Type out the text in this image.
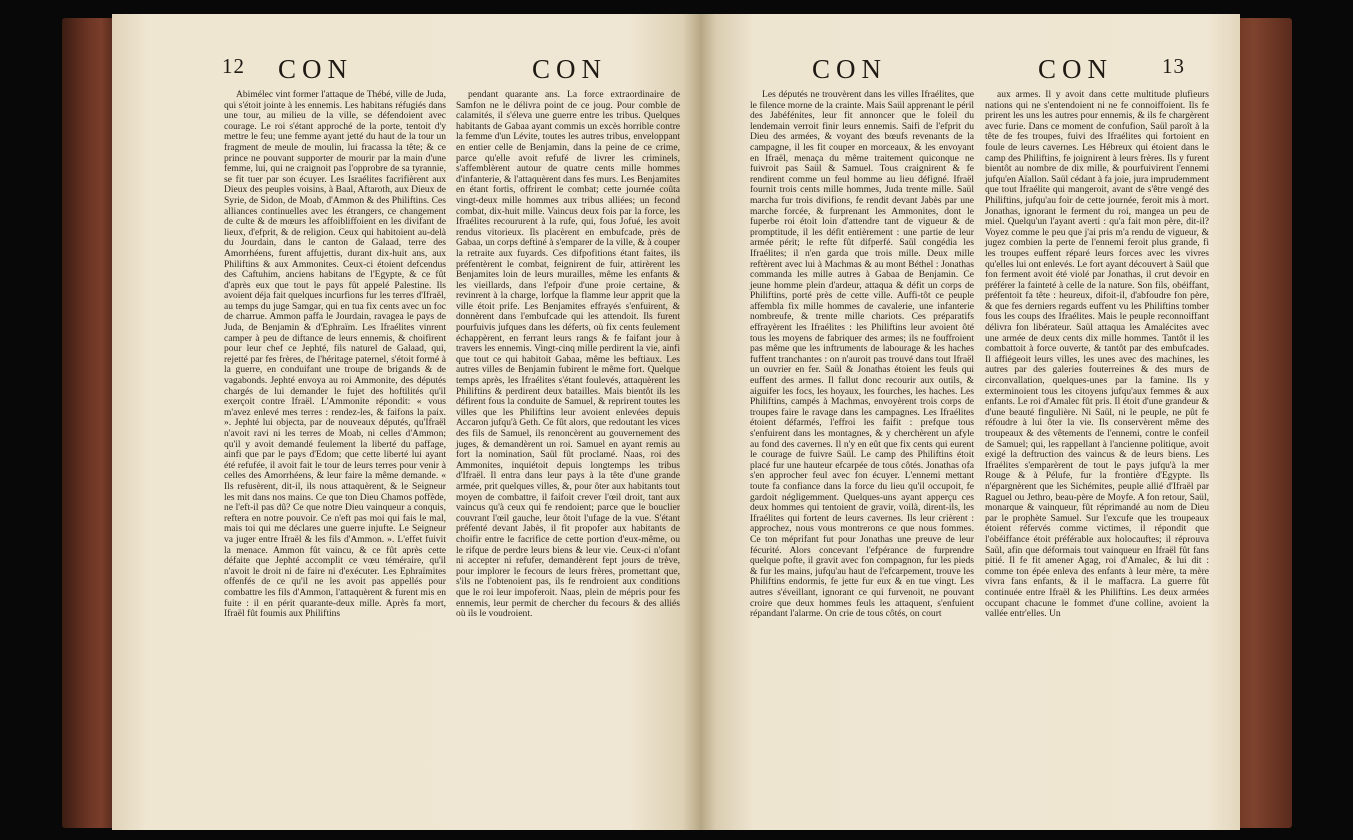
12 CON	CON

Abimélec vint former l'attaque de Thébé, ville de Juda, qui s'étoit jointe à les ennemis. Les habitans réfugiés dans une tour, au milieu de la ville, se défendoient avec courage. Le roi s'étant approché de la porte, tentoit d'y mettre le feu; une femme ayant jetté du haut de la tour un fragment de meule de moulin, lui fracassa la tête; & ce prince ne pouvant supporter de mourir par la main d'une femme, lui, qui ne craignoit pas l'opprobre de sa tyrannie, se fit tuer par son écuyer. Les Israélites facrifièrent aux Dieux des peuples voisins, à Baal, Aftaroth, aux Dieux de Syrie, de Sidon, de Moab, d'Ammon & des Philiftins. Ces alliances continuelles avec les étrangers, ce changement de culte & de mœurs les affoibliffoient en les divifant de lieux, d'efprit, & de religion. Ceux qui habitoient au-delà du Jourdain, dans le canton de Galaad, terre des Amorrhéens, furent affujettis, durant dix-huit ans, aux Philiftins & aux Ammonites. Ceux-ci étoient defcendus des Caftuhim, anciens habitans de l'Egypte, & ce fût d'après eux que tout le pays fût appelé Palestine. Ils avoient déja fait quelques incurfions fur les terres d'Ifraël, au temps du juge Samgar, qui en tua fix cents avec un foc de charrue. Ammon paffa le Jourdain, ravagea le pays de Juda, de Benjamin & d'Ephraïm. Les Ifraélites vinrent camper à peu de diftance de leurs ennemis, & choifirent pour leur chef ce Jephté, fils naturel de Galaad, qui, rejetté par fes frères, de l'héritage paternel, s'étoit formé à la guerre, en conduifant une troupe de brigands & de vagabonds. Jephté envoya au roi Ammonite, des députés chargés de lui demander le fujet des hoftilités qu'il exerçoit contre Ifraël. L'Ammonite répondit: « vous m'avez enlevé mes terres : rendez-les, & faifons la paix. ». Jephté lui objecta, par de nouveaux députés, qu'Ifraël n'avoit ravi ni les terres de Moab, ni celles d'Ammon; qu'il y avoit demandé feulement la liberté du paffage, ainfi que par le pays d'Edom; que cette liberté lui ayant été refufée, il avoit fait le tour de leurs terres pour venir à celles des Amorrhéens, & leur faire la même demande. « Ils refusèrent, dit-il, ils nous attaquèrent, & le Seigneur les mit dans nos mains. Ce que ton Dieu Chamos poffède, ne l'eft-il pas dû? Ce que notre Dieu vainqueur a conquis, reftera en notre pouvoir. Ce n'eft pas moi qui fais le mal, mais toi qui me déclares une guerre injufte. Le Seigneur va juger entre Ifraël & les fils d'Ammon. ». L'effet fuivit la menace. Ammon fût vaincu, & ce fût après cette défaite que Jephté accomplit ce vœu téméraire, qu'il n'avoit le droit ni de faire ni d'exécuter. Les Ephraïmites offenfés de ce qu'il ne les avoit pas appellés pour combattre les fils d'Ammon, l'attaquèrent & furent mis en fuite : il en périt quarante-deux mille. Après fa mort, Ifraël fût foumis aux Philiftins

pendant quarante ans. La force extraordinaire de Samfon ne le délivra point de ce joug. Pour comble de calamités, il s'éleva une guerre entre les tribus. Quelques habitants de Gabaa ayant commis un excès horrible contre la femme d'un Lévite, toutes les autres tribus, enveloppant en entier celle de Benjamin, dans la peine de ce crime, parce qu'elle avoit refufé de livrer les criminels, s'affemblèrent autour de quatre cents mille hommes d'infanterie, & l'attaquèrent dans fes murs. Les Benjamites en étant fortis, offrirent le combat; cette journée coûta vingt-deux mille hommes aux tribus alliées; un fecond combat, dix-huit mille. Vaincus deux fois par la force, les Ifraélites recoururent à la rufe, qui, fous Jofué, les avoit rendus vitorieux. Ils placèrent en embufcade, près de Gabaa, un corps deftiné à s'emparer de la ville, & à couper la retraite aux fuyards. Ces difpofitions étant faites, ils préfentèrent le combat, feignirent de fuir, attirèrent les Benjamites loin de leurs murailles, même les enfants & les vieillards, dans l'efpoir d'une proie certaine, & revinrent à la charge, lorfque la flamme leur apprit que la ville étoit prife. Les Benjamites effrayés s'enfuirent, & donnèrent dans l'embufcade qui les attendoit. Ils furent pourfuivis jufques dans les déferts, où fix cents feulement échappèrent, en ferrant leurs rangs & fe faifant jour à travers les ennemis. Vingt-cinq mille perdirent la vie, ainfi que tout ce qui habitoit Gabaa, même les beftiaux. Les autres villes de Benjamin fubirent le même fort. Quelque temps après, les Ifraélites s'étant foulevés, attaquèrent les Philiftins & perdirent deux batailles. Mais bientôt ils les défirent fous la conduite de Samuel, & reprirent toutes les villes que les Philiftins leur avoient enlevées depuis Accaron jufqu'à Geth. Ce fût alors, que redoutant les vices des fils de Samuel, ils renoncèrent au gouvernement des juges, & demandèrent un roi. Samuel en ayant remis au fort la nomination, Saül fût proclamé. Naas, roi des Ammonites, inquiétoit depuis longtemps les tribus d'Ifraël. Il entra dans leur pays à la tête d'une grande armée, prit quelques villes, &, pour ôter aux habitants tout moyen de combattre, il faifoit crever l'œil droit, tant aux vaincus qu'à ceux qui fe rendoient; parce que le bouclier couvrant l'œil gauche, leur ôtoit l'ufage de la vue. S'étant préfenté devant Jabès, il fit propofer aux habitants de choifir entre le facrifice de cette portion d'eux-même, ou le rifque de perdre leurs biens & leur vie. Ceux-ci n'ofant ni accepter ni refufer, demandèrent fept jours de trève, pour implorer le fecours de leurs frères, promettant que, s'ils ne l'obtenoient pas, ils fe rendroient aux conditions que le roi leur impoferoit. Naas, plein de mépris pour fes ennemis, leur permit de chercher du fecours & des alliés où ils le voudroient.

CON	CON 13

Les députés ne trouvèrent dans les villes Ifraélites, que le filence morne de la crainte. Mais Saül apprenant le péril des Jabéfénites, leur fit annoncer que le foleil du lendemain verroit finir leurs ennemis. Saifi de l'efprit du Dieu des armées, & voyant des bœufs revenants de la campagne, il les fit couper en morceaux, & les envoyant en Ifraël, menaça du même traitement quiconque ne fuivroit pas Saül & Samuel. Tous craignirent & fe rendirent comme un feul homme au lieu défigné. Ifraël fournit trois cents mille hommes, Juda trente mille. Saül marcha fur trois divifions, fe rendit devant Jabès par une marche forcée, & furprenant les Ammonites, dont le fuperbe roi étoit loin d'attendre tant de vigueur & de promptitude, il les défit entièrement : une partie de leur armée périt; le refte fût difperfé. Saül congédia les Ifraélites; il n'en garda que trois mille. Deux mille reftèrent avec lui à Machmas & au mont Béthel : Jonathas commanda les mille autres à Gabaa de Benjamin. Ce jeune homme plein d'ardeur, attaqua & défit un corps de Philiftins, porté près de cette ville. Auffi-tôt ce peuple affembla fix mille hommes de cavalerie, une infanterie nombreufe, & trente mille chariots. Ces préparatifs effrayèrent les Ifraélites : les Philiftins leur avoient ôté tous les moyens de fabriquer des armes; ils ne fouffroient pas même que les inftruments de labourage & les haches fuffent tranchantes : on n'auroit pas trouvé dans tout Ifraël un ouvrier en fer. Saül & Jonathas étoient les feuls qui euffent des armes. Il fallut donc recourir aux outils, & aiguifer les focs, les hoyaux, les fourches, les haches. Les Philiftins, campés à Machmas, envoyèrent trois corps de troupes faire le ravage dans les campagnes. Les Ifraélites étoient défarmés, l'effroi les faifit : prefque tous s'enfuirent dans les montagnes, & y cherchèrent un afyle au fond des cavernes. Il n'y en eût que fix cents qui eurent le courage de fuivre Saül. Le camp des Philiftins étoit placé fur une hauteur efcarpée de tous côtés. Jonathas ofa s'en approcher feul avec fon écuyer. L'ennemi mettant toute fa confiance dans la force du lieu qu'il occupoit, fe gardoit négligemment. Quelques-uns ayant apperçu ces deux hommes qui tentoient de gravir, voilà, dirent-ils, les Ifraélites qui fortent de leurs cavernes. Ils leur crièrent : approchez, nous vous montrerons ce que nous fommes. Ce ton méprifant fut pour Jonathas une preuve de leur fécurité. Alors concevant l'efpérance de furprendre quelque pofte, il gravit avec fon compagnon, fur les pieds & fur les mains, jufqu'au haut de l'efcarpement, trouve les Philiftins endormis, fe jette fur eux & en tue vingt. Les autres s'éveillant, ignorant ce qui furvenoit, ne pouvant croire que deux hommes feuls les attaquent, s'enfuient répandant l'alarme. On crie de tous côtés, on court

aux armes. Il y avoit dans cette multitude plufieurs nations qui ne s'entendoient ni ne fe connoiffoient. Ils fe prirent les uns les autres pour ennemis, & ils fe chargèrent avec furie. Dans ce moment de confufion, Saül paroît à la tête de fes troupes, fuivi des Ifraélites qui fortoient en foule de leurs cavernes. Les Hébreux qui étoient dans le camp des Philiftins, fe joignirent à leurs frères. Ils y furent bientôt au nombre de dix mille, & pourfuivirent l'ennemi jufqu'en Aïallon. Saül cédant à fa joie, jura imprudemment que tout Ifraélite qui mangeroit, avant de s'être vengé des Philiftins, jufqu'au foir de cette journée, feroit mis à mort. Jonathas, ignorant le ferment du roi, mangea un peu de miel. Quelqu'un l'ayant averti : qu'a fait mon père, dit-il? Voyez comme le peu que j'ai pris m'a rendu de vigueur, & jugez combien la perte de l'ennemi feroit plus grande, fi les troupes euffent réparé leurs forces avec les vivres qu'elles lui ont enlevés. Le fort ayant découvert à Saül que fon ferment avoit été violé par Jonathas, il crut devoir en préférer la fainteté à celle de la nature. Son fils, obéiffant, préfentoit fa tête : heureux, difoit-il, d'abfoudre fon père, & que fes derniers regards euffent vu les Philiftins tomber fous les coups des Ifraélites. Mais le peuple reconnoiffant délivra fon libérateur. Saül attaqua les Amalécites avec une armée de deux cents dix mille hommes. Tantôt il les combattoit à force ouverte, & tantôt par des embufcades. Il affiégeoit leurs villes, les unes avec des machines, les autres par des galeries fouterreines & des murs de circonvallation, quelques-unes par la famine. Ils y exterminoient tous les citoyens jufqu'aux femmes & aux enfants. Le roi d'Amalec fût pris. Il étoit d'une grandeur & d'une beauté fingulière. Ni Saül, ni le peuple, ne pût fe réfoudre à lui ôter la vie. Ils conservèrent même des troupeaux & des vêtements de l'ennemi, contre le confeil de Samuel; qui, les rappellant à l'ancienne politique, avoit exigé la deftruction des vaincus & de leurs biens. Les Ifraélites s'emparèrent de tout le pays jufqu'à la mer Rouge & à Pélufe, fur la frontière d'Egypte. Ils n'épargnèrent que les Sichémites, peuple allié d'Ifraël par Raguel ou Jethro, beau-père de Moyfe. A fon retour, Saül, monarque & vainqueur, fût réprimandé au nom de Dieu par le prophète Samuel. Sur l'excufe que les troupeaux étoient réfervés comme victimes, il répondit que l'obéiffance étoit préférable aux holocauftes; il réprouva Saül, afin que déformais tout vainqueur en Ifraël fût fans pitié. Il fe fit amener Agag, roi d'Amalec, & lui dit : comme ton épée enleva des enfants à leur mère, ta mère vivra fans enfants, & il le maffacra. La guerre fût continuée entre Ifraël & les Philiftins. Les deux armées occupant chacune le fommet d'une colline, avoient la vallée entr'elles. Un
